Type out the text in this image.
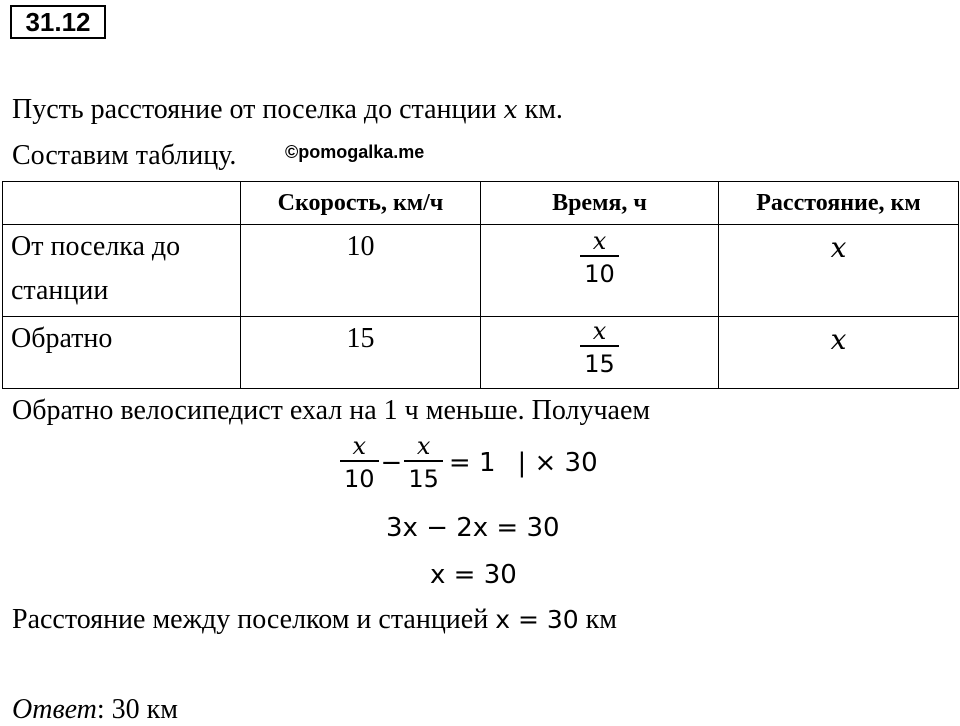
31.12
Пусть расстояние от поселка до станции x км.
Составим таблицу.	©pomogalka.me
	Скорость, км/ч	Время, ч	Расстояние, км
От поселка до станции	10	$\frac{x}{10}$	x
Обратно	15	$\frac{x}{15}$	x
Обратно велосипедист ехал на 1 ч меньше. Получаем
$\frac{x}{10} - \frac{x}{15} = 1$ | × 30
3x − 2x = 30
x = 30
Расстояние между поселком и станцией x = 30 км
Ответ: 30 км
